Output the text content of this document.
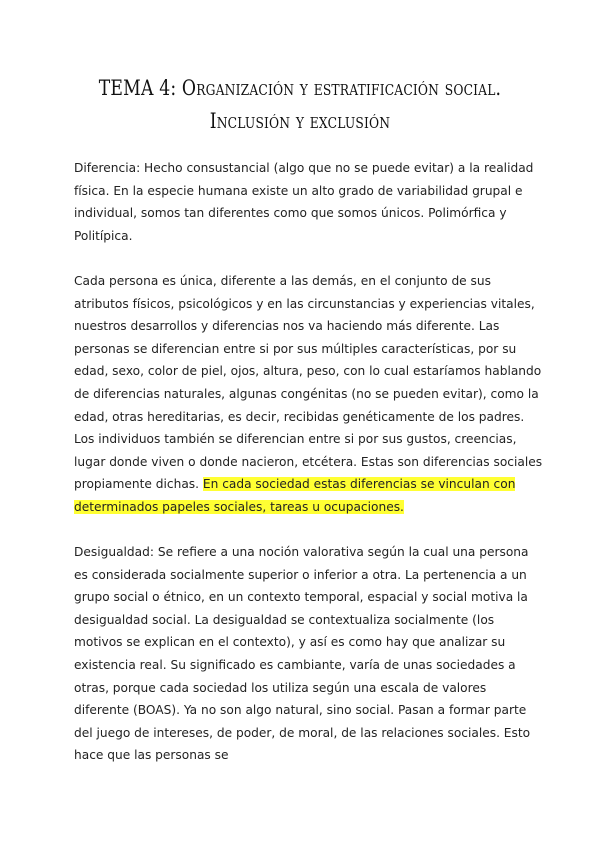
TEMA 4: Organización y estratificación social. Inclusión y exclusión

Diferencia: Hecho consustancial (algo que no se puede evitar) a la realidad física. En la especie humana existe un alto grado de variabilidad grupal e individual, somos tan diferentes como que somos únicos. Polimórfica y Politípica.

Cada persona es única, diferente a las demás, en el conjunto de sus atributos físicos, psicológicos y en las circunstancias y experiencias vitales, nuestros desarrollos y diferencias nos va haciendo más diferente. Las personas se diferencian entre si por sus múltiples características, por su edad, sexo, color de piel, ojos, altura, peso, con lo cual estaríamos hablando de diferencias naturales, algunas congénitas (no se pueden evitar), como la edad, otras hereditarias, es decir, recibidas genéticamente de los padres. Los individuos también se diferencian entre si por sus gustos, creencias, lugar donde viven o donde nacieron, etcétera. Estas son diferencias sociales propiamente dichas. En cada sociedad estas diferencias se vinculan con determinados papeles sociales, tareas u ocupaciones.

Desigualdad: Se refiere a una noción valorativa según la cual una persona es considerada socialmente superior o inferior a otra. La pertenencia a un grupo social o étnico, en un contexto temporal, espacial y social motiva la desigualdad social. La desigualdad se contextualiza socialmente (los motivos se explican en el contexto), y así es como hay que analizar su existencia real. Su significado es cambiante, varía de unas sociedades a otras, porque cada sociedad los utiliza según una escala de valores diferente (BOAS). Ya no son algo natural, sino social. Pasan a formar parte del juego de intereses, de poder, de moral, de las relaciones sociales. Esto hace que las personas se
